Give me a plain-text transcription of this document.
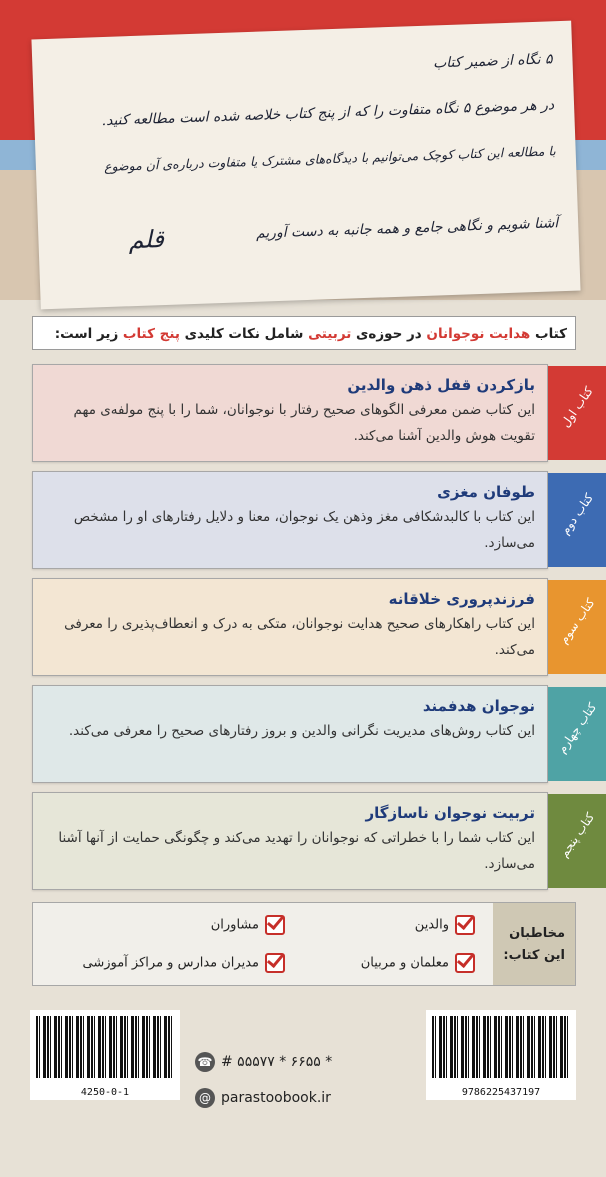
۵ نگاه از ضمیر کتاب
در هر موضوع ۵ نگاه متفاوت را که از پنج کتاب خلاصه شده است مطالعه کنید.
با مطالعه این کتاب کوچک می‌توانیم با دیدگاه‌های مشترک یا متفاوت درباره‌ی آن موضوع
آشنا شویم و نگاهی جامع و همه جانبه به دست آوریم
قلم
کتاب هدایت نوجوانان در حوزه‌ی تربیتی شامل نکات کلیدی پنج کتاب زیر است:
بازکردن قفل ذهن والدین
این کتاب ضمن معرفی الگوهای صحیح رفتار با نوجوانان، شما را با پنج مولفه‌ی مهم تقویت هوش والدین آشنا می‌کند.
کتاب اول
طوفان مغزی
این کتاب با کالبدشکافی مغز وذهن یک نوجوان، معنا و دلایل رفتارهای او را مشخص می‌سازد.
کتاب دوم
فرزندپروری خلاقانه
این کتاب راهکارهای صحیح هدایت نوجوانان، متکی به درک و انعطاف‌پذیری را معرفی می‌کند.
کتاب سوم
نوجوان هدفمند
این کتاب روش‌های مدیریت نگرانی والدین و بروز رفتارهای صحیح را معرفی می‌کند. کتاب چهارم
تربیت نوجوان ناسازگار
این کتاب شما را با خطراتی که نوجوانان را تهدید می‌کند و چگونگی حمایت از آنها آشنا می‌سازد.
کتاب پنجم
مخاطبان این کتاب:
والدین
مشاوران
معلمان و مربیان
مدیران مدارس و مراکز آموزشی
4250-0-1	9786225437197
☎ # ۵۵۵۷۷ * ۶۶۵۵ *
@ parastoobook.ir
